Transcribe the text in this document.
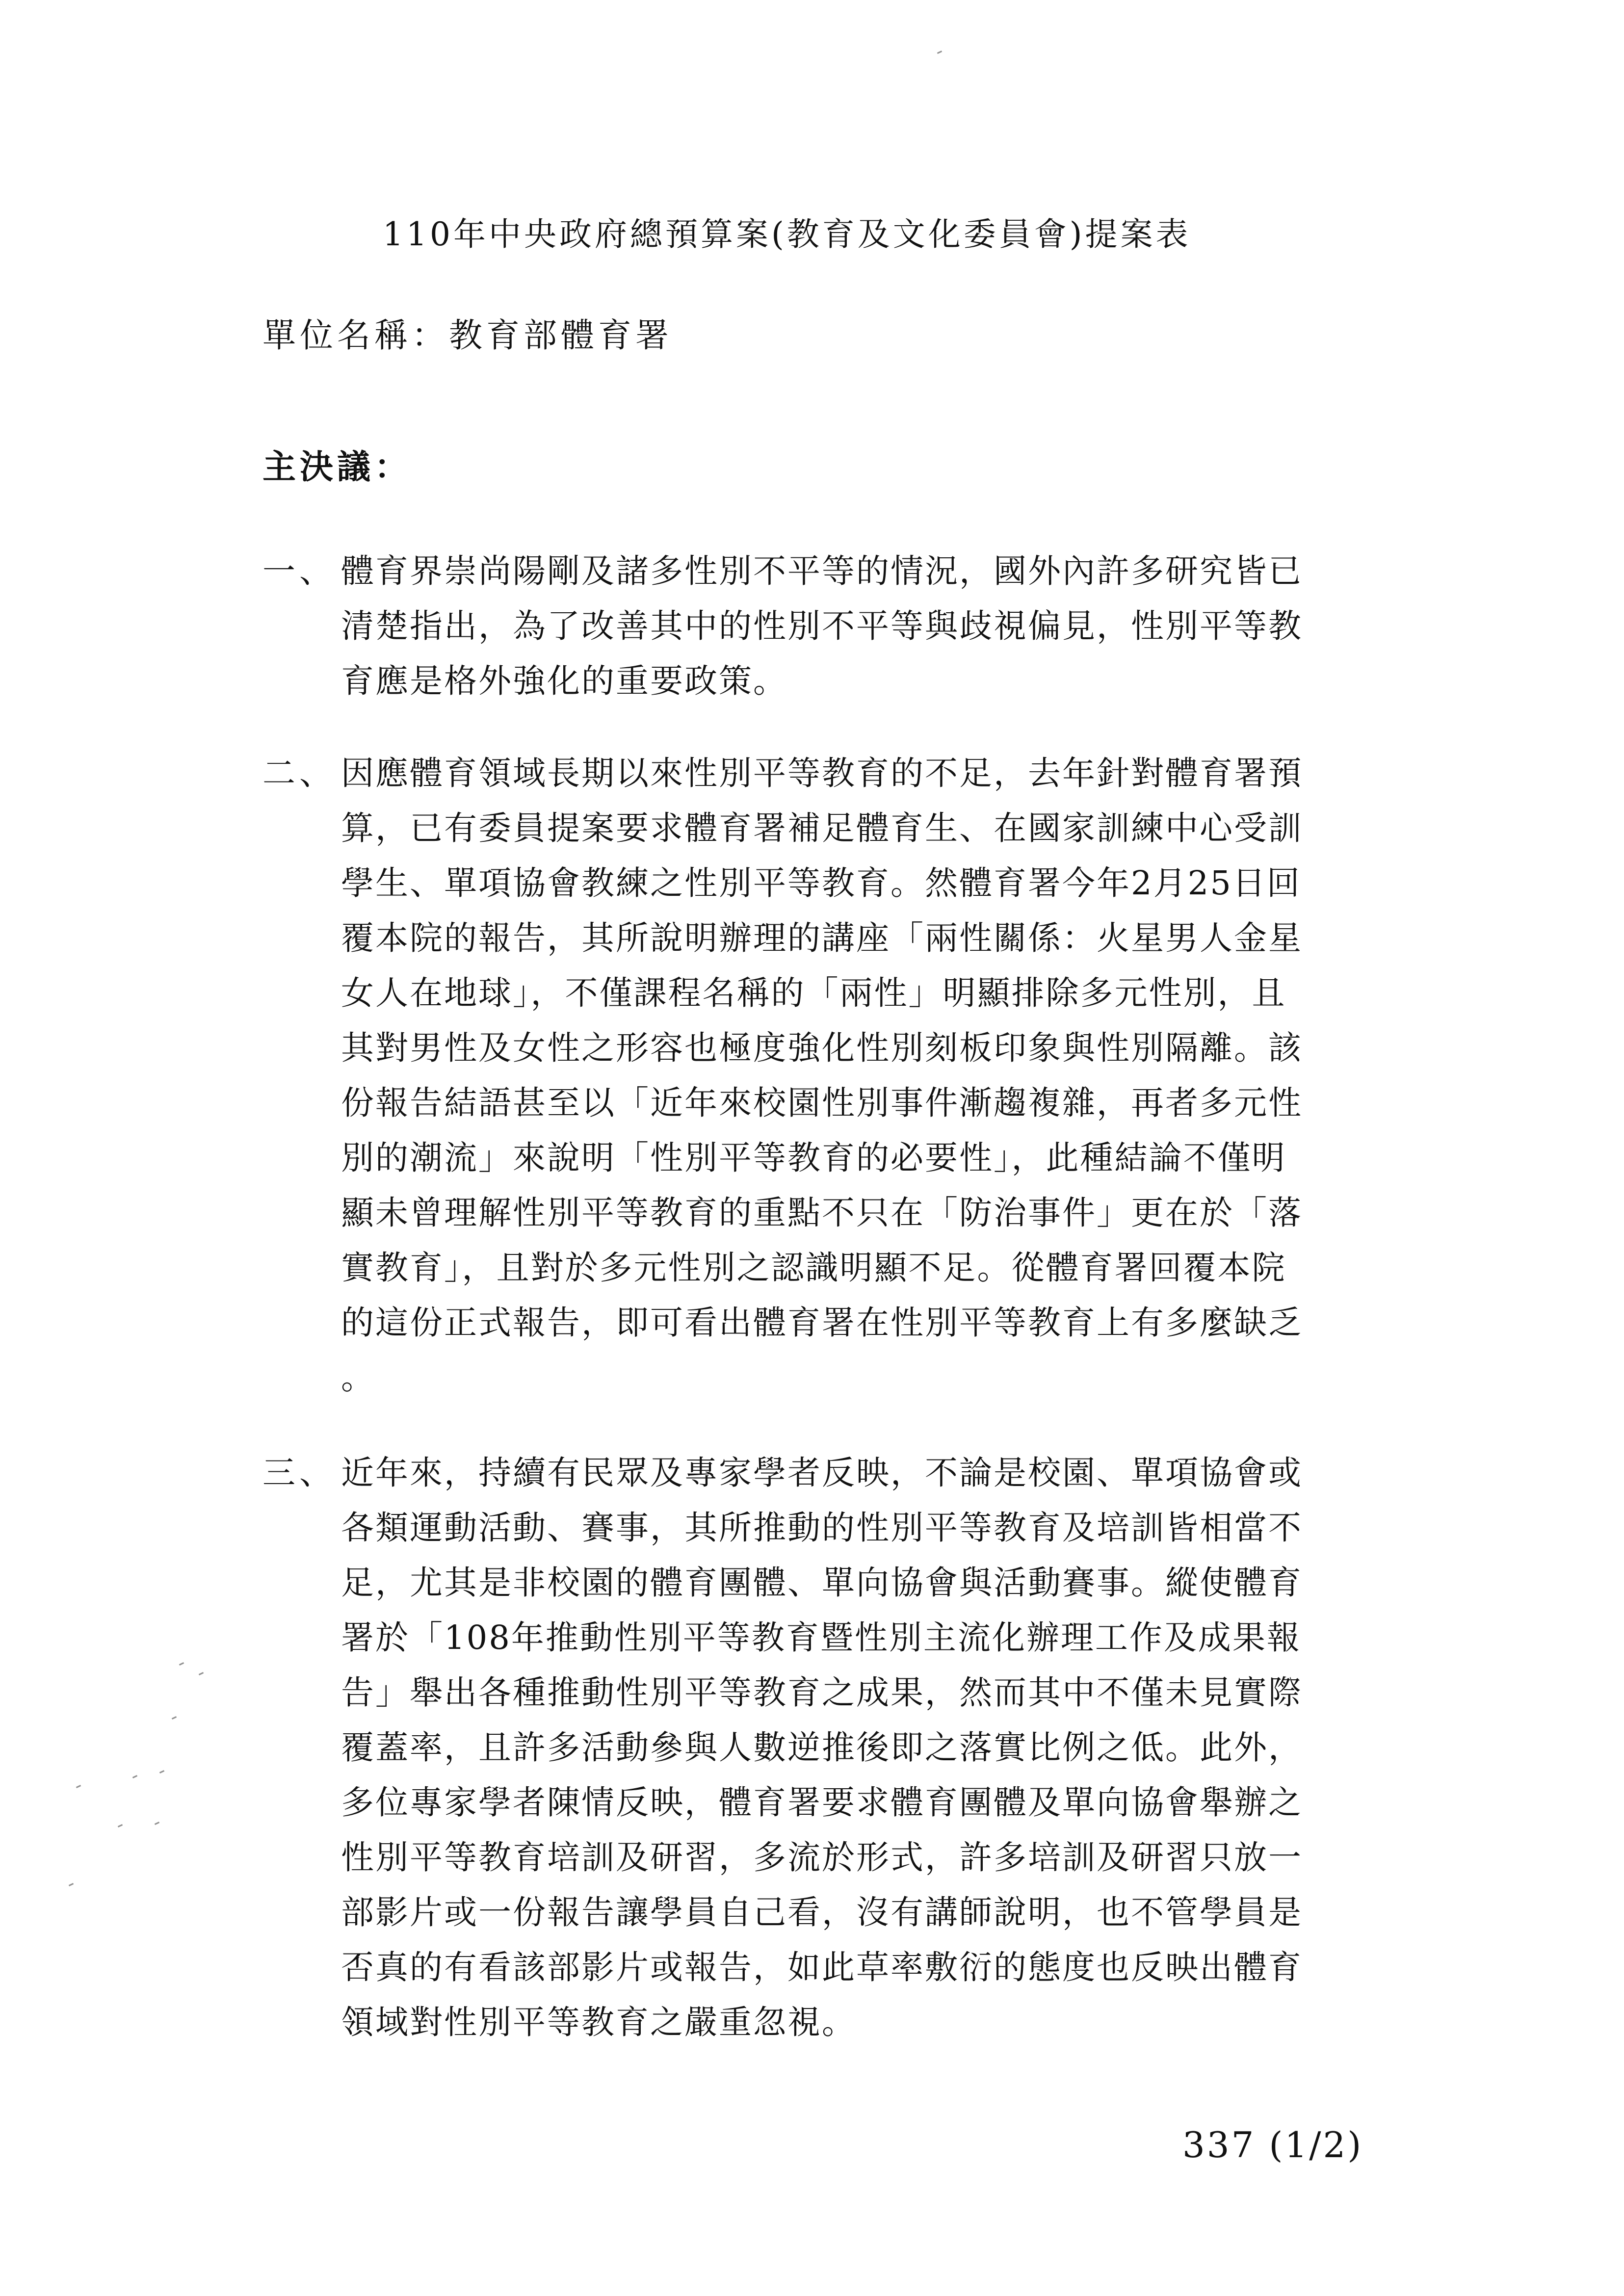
110年中央政府總預算案(教育及文化委員會)提案表
單位名稱：教育部體育署
主決議：
一、 體育界崇尚陽剛及諸多性別不平等的情況，國外內許多研究皆已
清楚指出，為了改善其中的性別不平等與歧視偏見，性別平等教
育應是格外強化的重要政策。
二、 因應體育領域長期以來性別平等教育的不足，去年針對體育署預
算，已有委員提案要求體育署補足體育生、在國家訓練中心受訓
學生、單項協會教練之性別平等教育。然體育署今年2月25日回
覆本院的報告，其所說明辦理的講座「兩性關係：火星男人金星
女人在地球」，不僅課程名稱的「兩性」明顯排除多元性別，且
其對男性及女性之形容也極度強化性別刻板印象與性別隔離。該
份報告結語甚至以「近年來校園性別事件漸趨複雜，再者多元性
別的潮流」來說明「性別平等教育的必要性」，此種結論不僅明
顯未曾理解性別平等教育的重點不只在「防治事件」更在於「落
實教育」，且對於多元性別之認識明顯不足。從體育署回覆本院
的這份正式報告，即可看出體育署在性別平等教育上有多麼缺乏
。
三、 近年來，持續有民眾及專家學者反映，不論是校園、單項協會或
各類運動活動、賽事，其所推動的性別平等教育及培訓皆相當不
足，尤其是非校園的體育團體、單向協會與活動賽事。縱使體育
署於「108年推動性別平等教育暨性別主流化辦理工作及成果報
告」舉出各種推動性別平等教育之成果，然而其中不僅未見實際
覆蓋率，且許多活動參與人數逆推後即之落實比例之低。此外，
多位專家學者陳情反映，體育署要求體育團體及單向協會舉辦之
性別平等教育培訓及研習，多流於形式，許多培訓及研習只放一
部影片或一份報告讓學員自己看，沒有講師說明，也不管學員是
否真的有看該部影片或報告，如此草率敷衍的態度也反映出體育
領域對性別平等教育之嚴重忽視。
337 (1/2)
